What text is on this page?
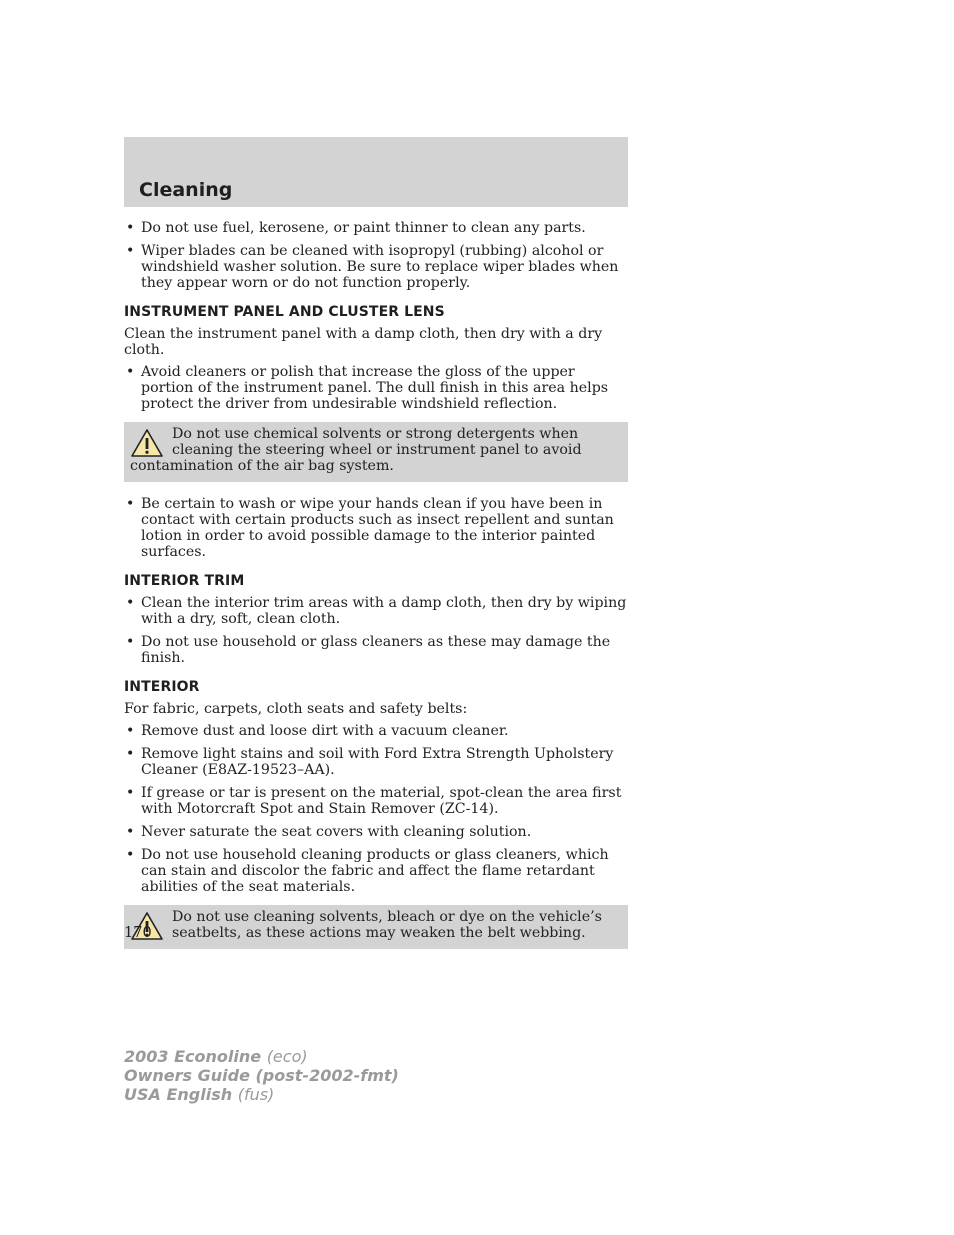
Cleaning
• Do not use fuel, kerosene, or paint thinner to clean any parts.
• Wiper blades can be cleaned with isopropyl (rubbing) alcohol or windshield washer solution. Be sure to replace wiper blades when they appear worn or do not function properly.
INSTRUMENT PANEL AND CLUSTER LENS
Clean the instrument panel with a damp cloth, then dry with a dry cloth.
• Avoid cleaners or polish that increase the gloss of the upper portion of the instrument panel. The dull finish in this area helps protect the driver from undesirable windshield reflection.
Do not use chemical solvents or strong detergents when cleaning the steering wheel or instrument panel to avoid contamination of the air bag system.
• Be certain to wash or wipe your hands clean if you have been in contact with certain products such as insect repellent and suntan lotion in order to avoid possible damage to the interior painted surfaces.
INTERIOR TRIM
• Clean the interior trim areas with a damp cloth, then dry by wiping with a dry, soft, clean cloth.
• Do not use household or glass cleaners as these may damage the finish.
INTERIOR
For fabric, carpets, cloth seats and safety belts:
• Remove dust and loose dirt with a vacuum cleaner.
• Remove light stains and soil with Ford Extra Strength Upholstery Cleaner (E8AZ-19523–AA).
• If grease or tar is present on the material, spot-clean the area first with Motorcraft Spot and Stain Remover (ZC-14).
• Never saturate the seat covers with cleaning solution.
• Do not use household cleaning products or glass cleaners, which can stain and discolor the fabric and affect the flame retardant abilities of the seat materials.
Do not use cleaning solvents, bleach or dye on the vehicle’s seatbelts, as these actions may weaken the belt webbing.
170
2003 Econoline (eco)
Owners Guide (post-2002-fmt)
USA English (fus)
